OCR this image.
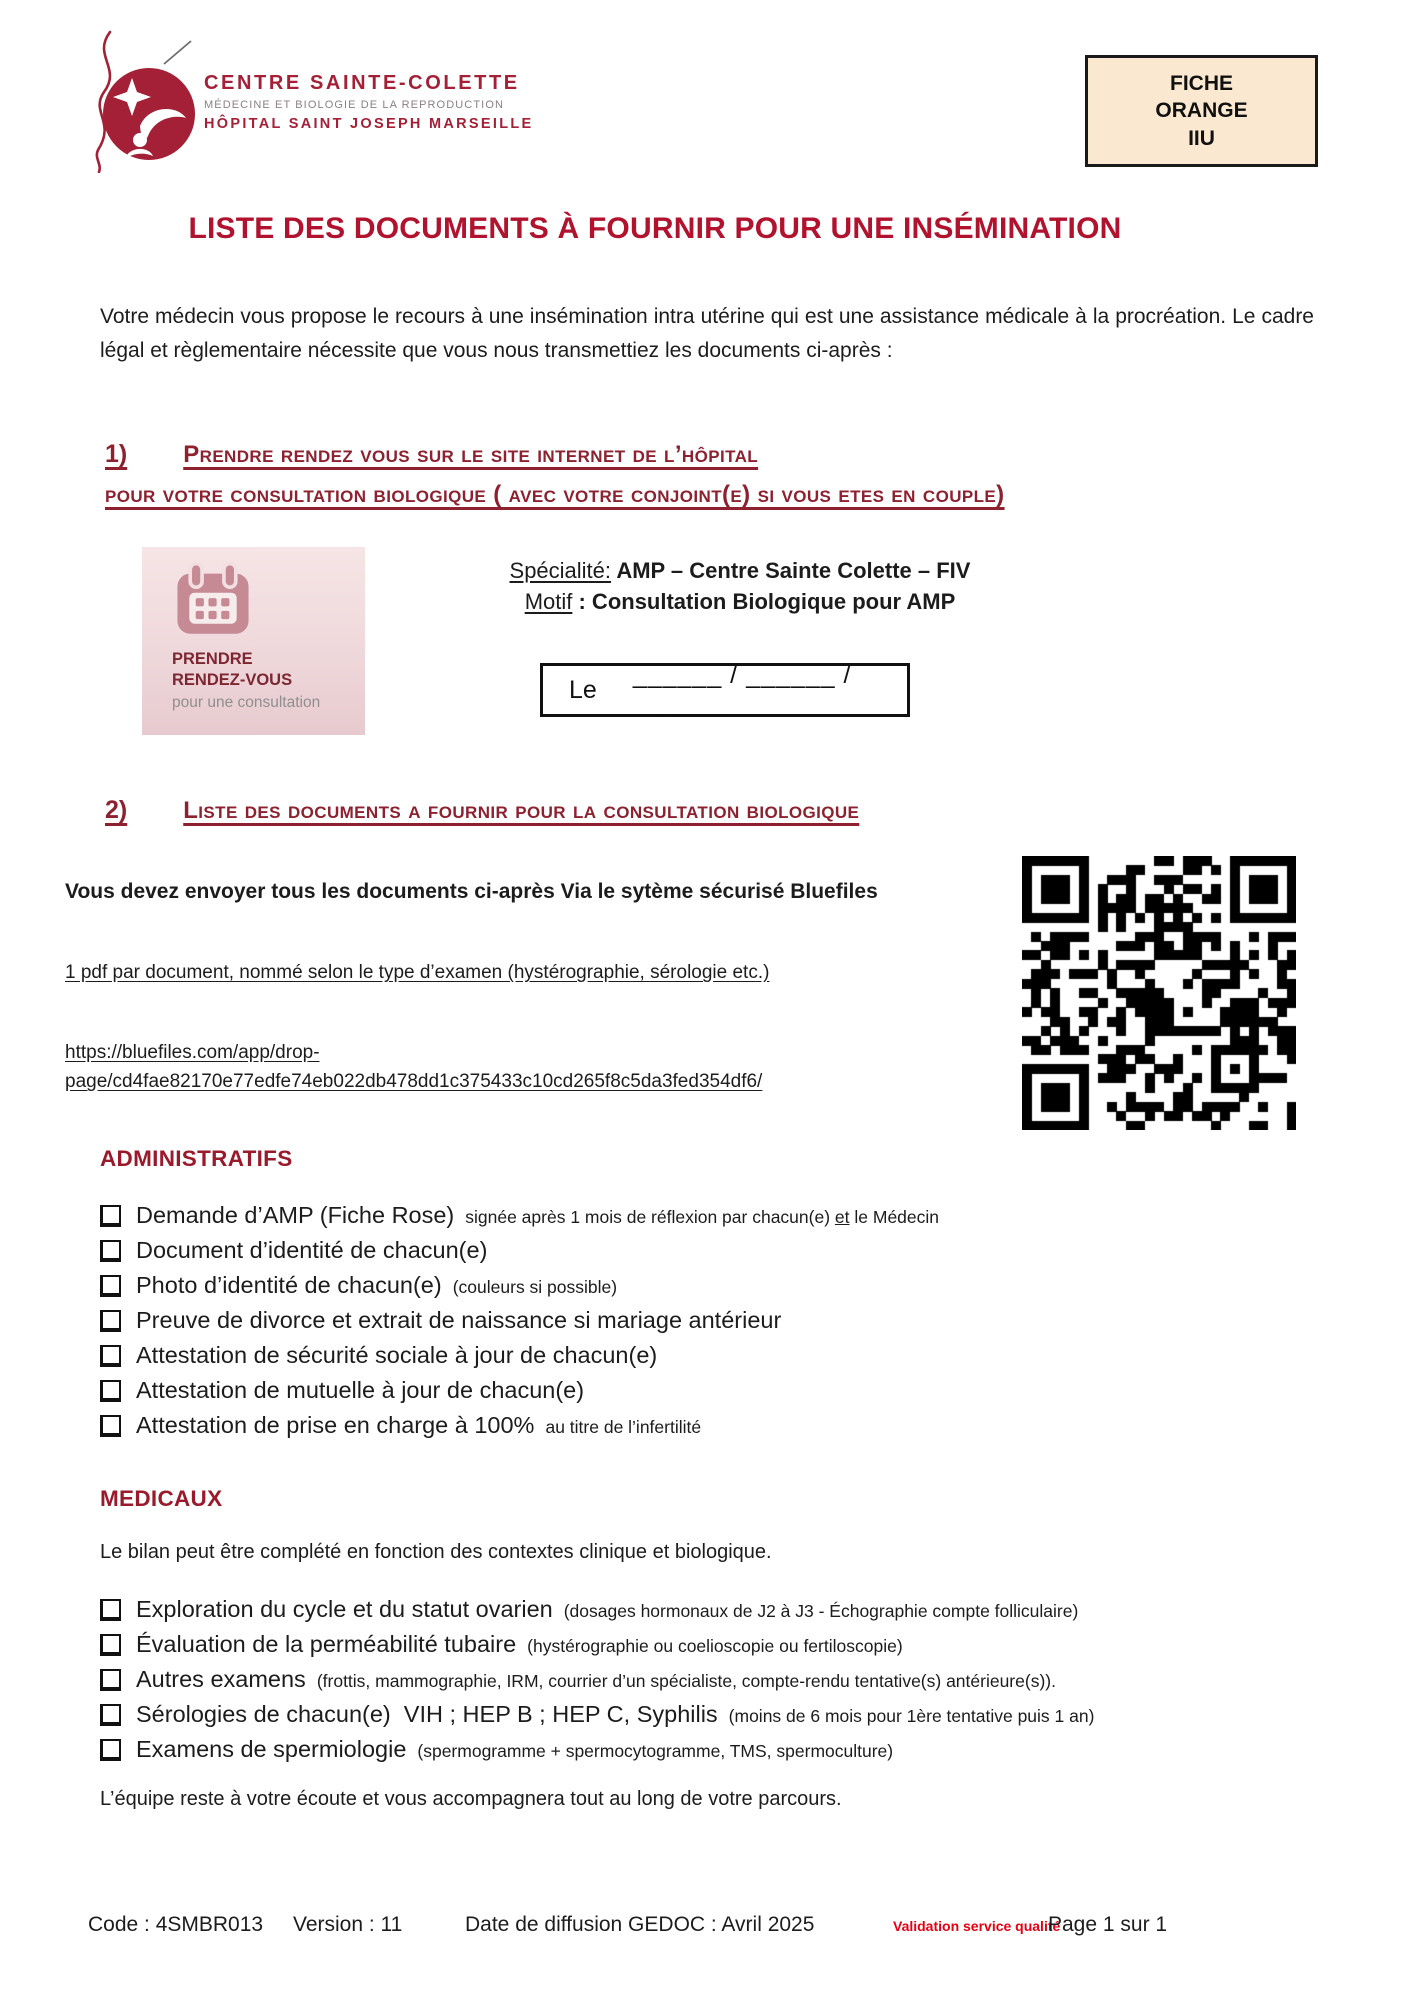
CENTRE SAINTE-COLETTE
MÉDECINE ET BIOLOGIE DE LA REPRODUCTION
HÔPITAL SAINT JOSEPH MARSEILLE
FICHE
ORANGE
IIU
LISTE DES DOCUMENTS À FOURNIR POUR UNE INSÉMINATION
Votre médecin vous propose le recours à une insémination intra utérine qui est une assistance médicale à la procréation. Le cadre légal et règlementaire nécessite que vous nous transmettiez les documents ci-après :
1) Prendre rendez vous sur le site internet de l’hôpital
pour votre consultation biologique ( avec votre conjoint(e) si vous etes en couple)
PRENDRE
RENDEZ-VOUS
pour une consultation
Spécialité: AMP – Centre Sainte Colette – FIV
Motif : Consultation Biologique pour AMP
Le
______ / ______ / ______
2) Liste des documents a fournir pour la consultation biologique
Vous devez envoyer tous les documents ci-après Via le sytème sécurisé Bluefiles
1 pdf par document, nommé selon le type d’examen (hystérographie, sérologie etc.)
https://bluefiles.com/app/drop-
page/cd4fae82170e77edfe74eb022db478dd1c375433c10cd265f8c5da3fed354df6/
ADMINISTRATIFS
Demande d’AMP (Fiche Rose) signée après 1 mois de réflexion par chacun(e) et le Médecin
Document d’identité de chacun(e)
Photo d’identité de chacun(e) (couleurs si possible)
Preuve de divorce et extrait de naissance si mariage antérieur
Attestation de sécurité sociale à jour de chacun(e)
Attestation de mutuelle à jour de chacun(e)
Attestation de prise en charge à 100% au titre de l’infertilité
MEDICAUX
Le bilan peut être complété en fonction des contextes clinique et biologique.
Exploration du cycle et du statut ovarien (dosages hormonaux de J2 à J3 - Échographie compte folliculaire)
Évaluation de la perméabilité tubaire (hystérographie ou coelioscopie ou fertiloscopie)
Autres examens (frottis, mammographie, IRM, courrier d’un spécialiste, compte-rendu tentative(s) antérieure(s)).
Sérologies de chacun(e)  VIH ; HEP B ; HEP C, Syphilis (moins de 6 mois pour 1ère tentative puis 1 an)
Examens de spermiologie (spermogramme + spermocytogramme, TMS, spermoculture)
L’équipe reste à votre écoute et vous accompagnera tout au long de votre parcours.
Code : 4SMBR013 Version : 11	Date de diffusion GEDOC : Avril 2025	Validation service qualité
Page 1 sur 1
